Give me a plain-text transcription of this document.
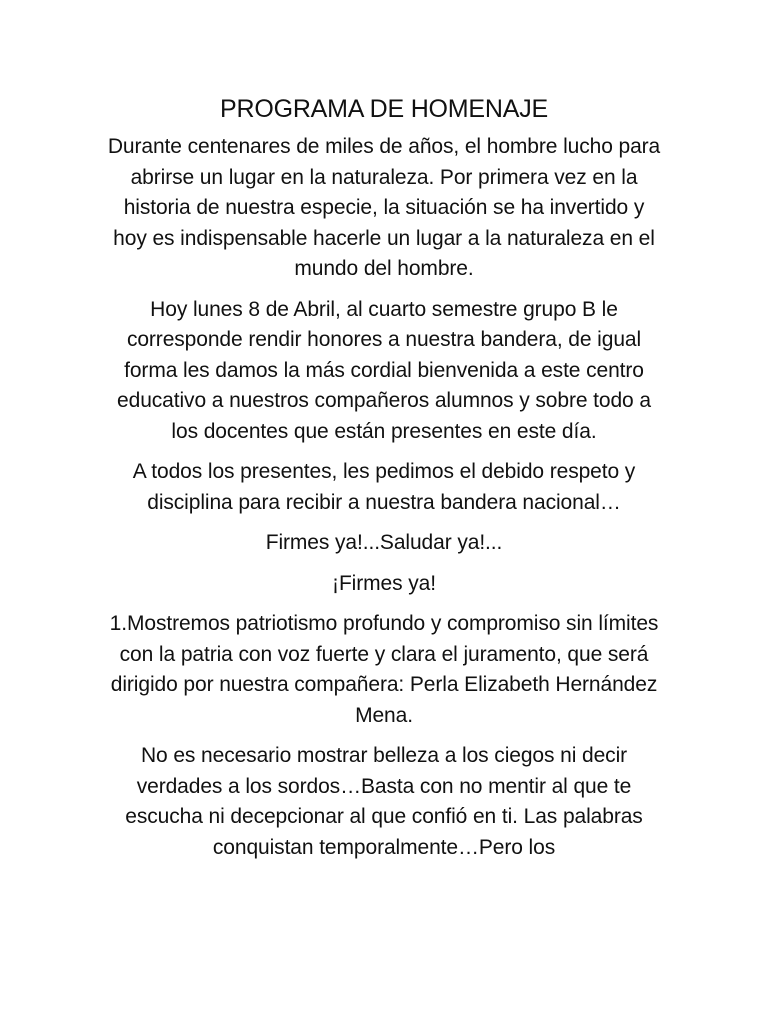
PROGRAMA DE HOMENAJE

Durante centenares de miles de años, el hombre lucho para abrirse un lugar en la naturaleza. Por primera vez en la historia de nuestra especie, la situación se ha invertido y hoy es indispensable hacerle un lugar a la naturaleza en el mundo del hombre.

Hoy lunes 8 de Abril, al cuarto semestre grupo B le corresponde rendir honores a nuestra bandera, de igual forma les damos la más cordial bienvenida a este centro educativo a nuestros compañeros alumnos y sobre todo a los docentes que están presentes en este día.

A todos los presentes, les pedimos el debido respeto y disciplina para recibir a nuestra bandera nacional…

Firmes ya!...Saludar ya!...

¡Firmes ya!

1.Mostremos patriotismo profundo y compromiso sin límites con la patria con voz fuerte y clara el juramento, que será dirigido por nuestra compañera: Perla Elizabeth Hernández Mena.

No es necesario mostrar belleza a los ciegos ni decir verdades a los sordos…Basta con no mentir al que te escucha ni decepcionar al que confió en ti. Las palabras conquistan temporalmente…Pero los
